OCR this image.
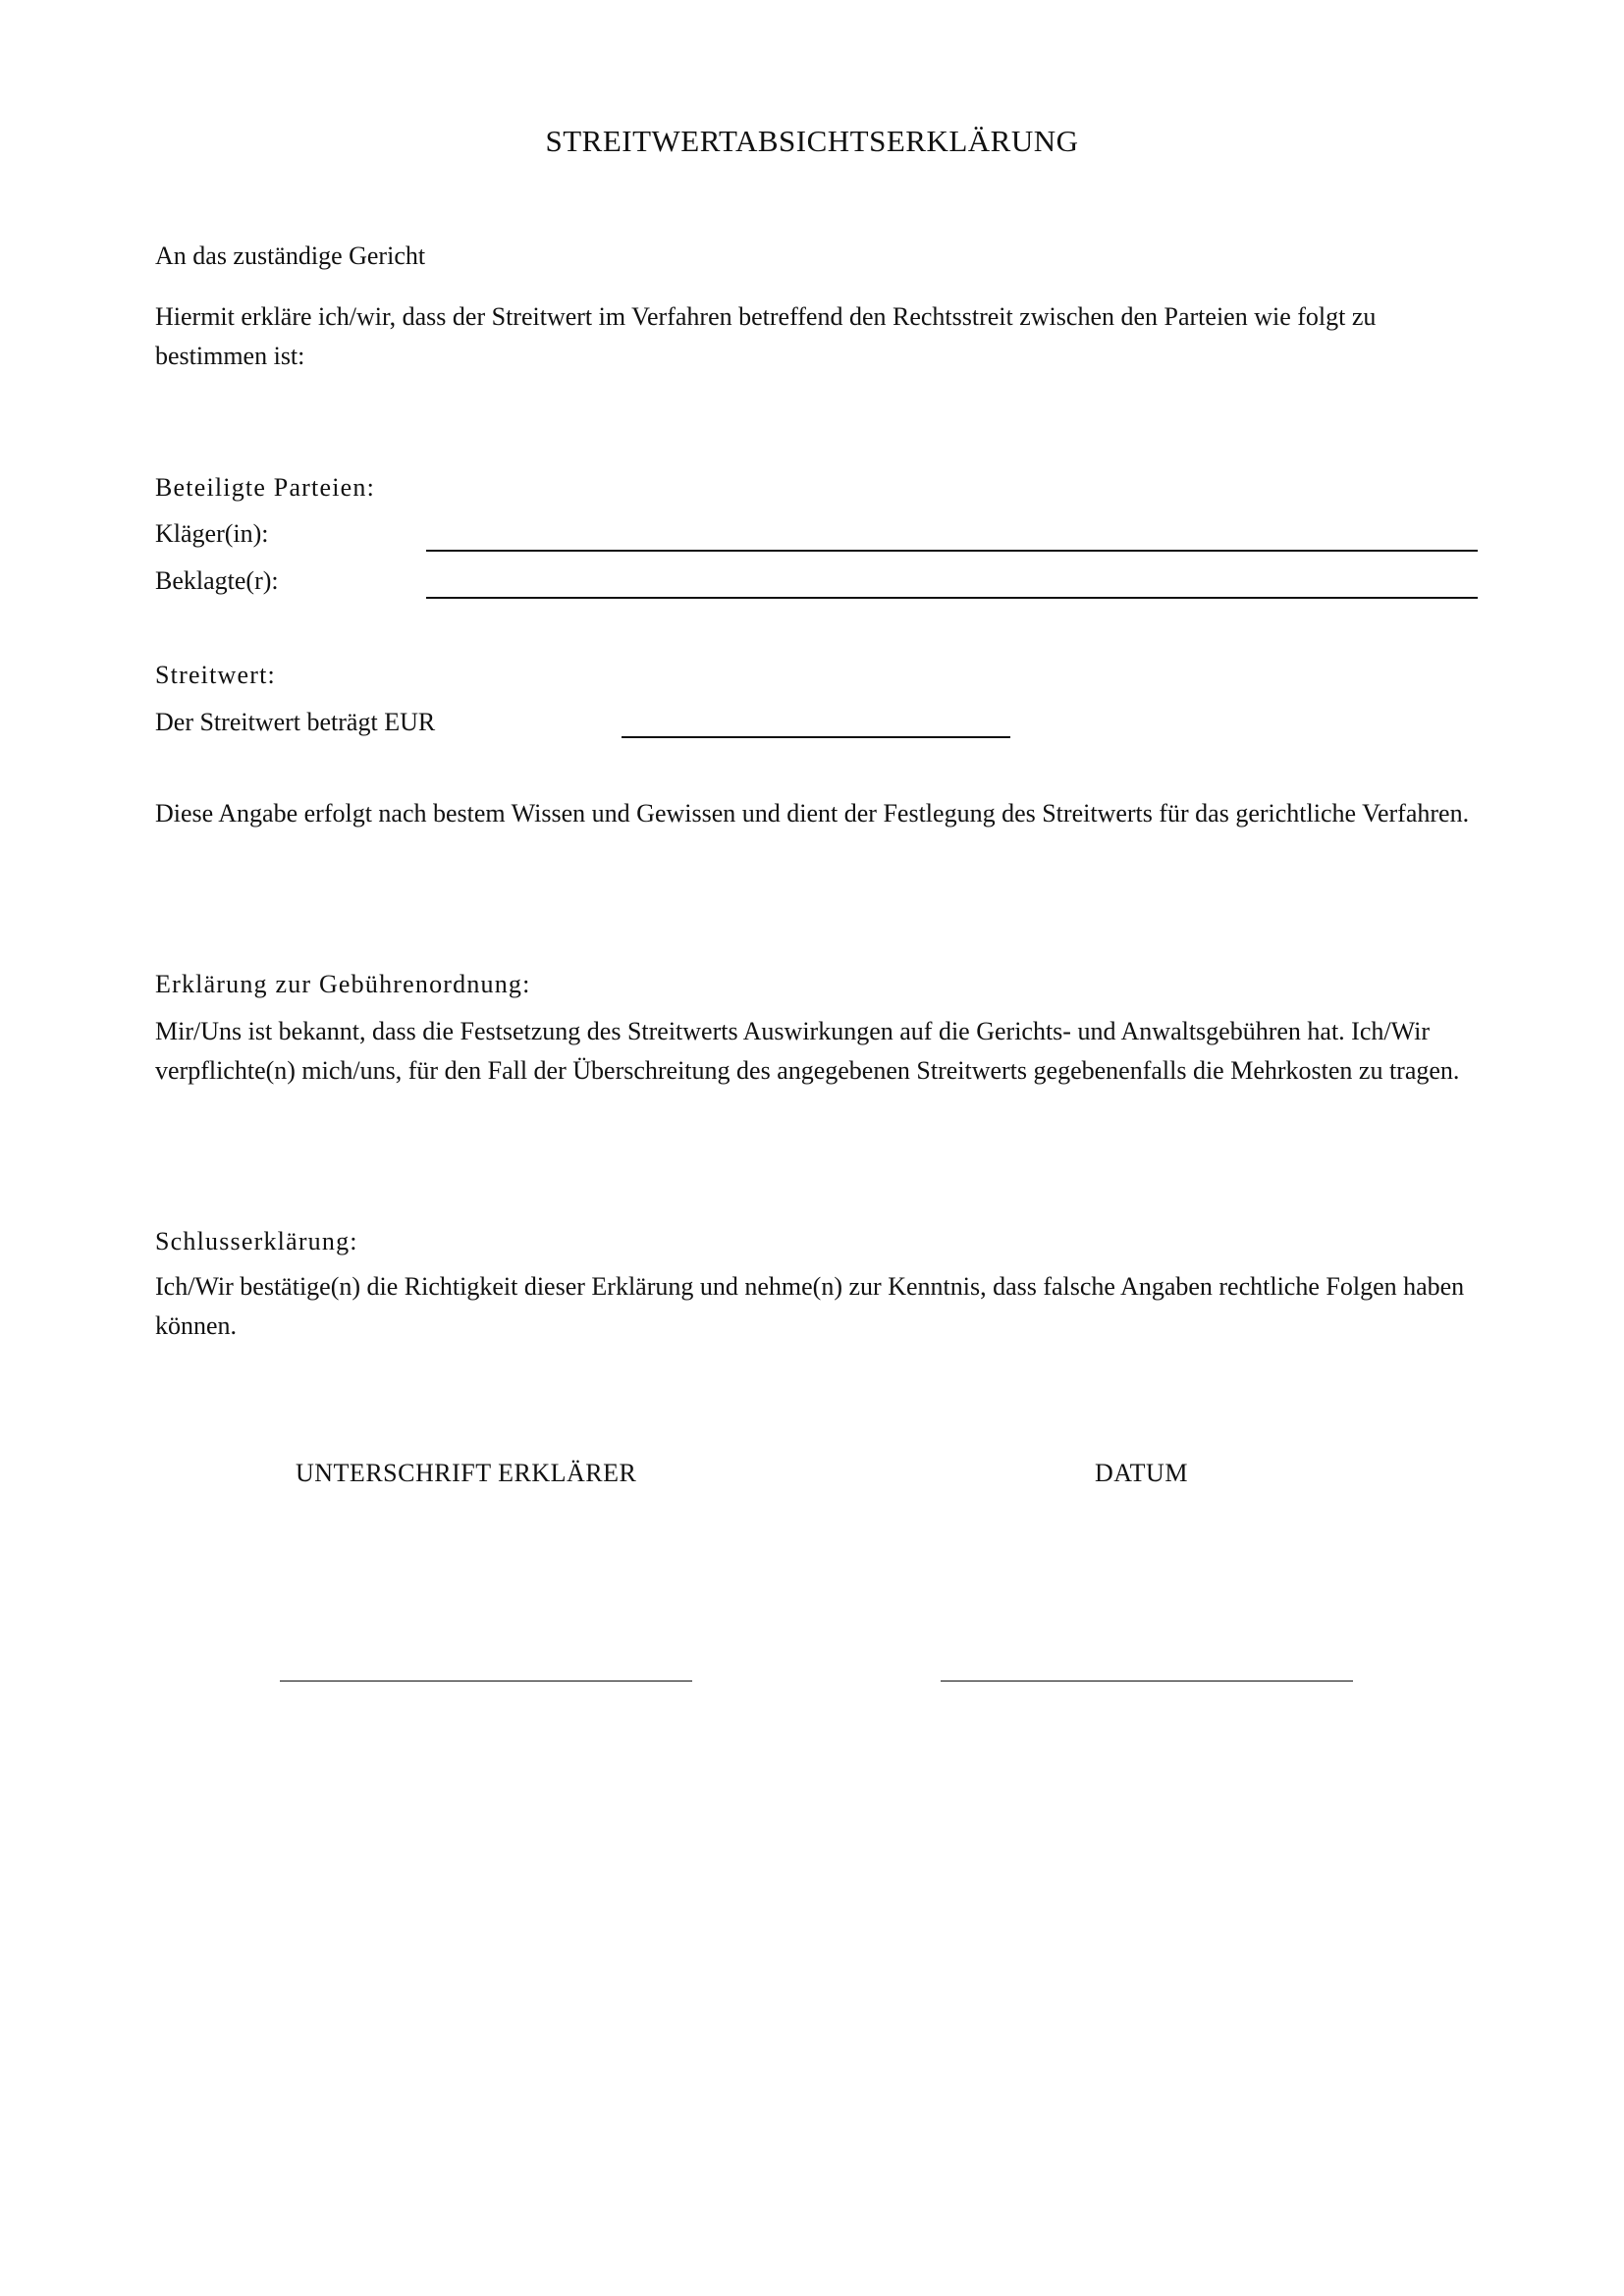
STREITWERTABSICHTSERKLÄRUNG
An das zuständige Gericht
Hiermit erkläre ich/wir, dass der Streitwert im Verfahren betreffend den Rechtsstreit zwischen den Parteien wie folgt zu bestimmen ist:
Beteiligte Parteien:
Kläger(in):
Beklagte(r):
Streitwert:
Der Streitwert beträgt EUR
Diese Angabe erfolgt nach bestem Wissen und Gewissen und dient der Festlegung des Streitwerts für das gerichtliche Verfahren.
Erklärung zur Gebührenordnung:
Mir/Uns ist bekannt, dass die Festsetzung des Streitwerts Auswirkungen auf die Gerichts- und Anwaltsgebühren hat. Ich/Wir verpflichte(n) mich/uns, für den Fall der Überschreitung des angegebenen Streitwerts gegebenenfalls die Mehrkosten zu tragen.
Schlusserklärung:
Ich/Wir bestätige(n) die Richtigkeit dieser Erklärung und nehme(n) zur Kenntnis, dass falsche Angaben rechtliche Folgen haben können.
UNTERSCHRIFT ERKLÄRER	DATUM
